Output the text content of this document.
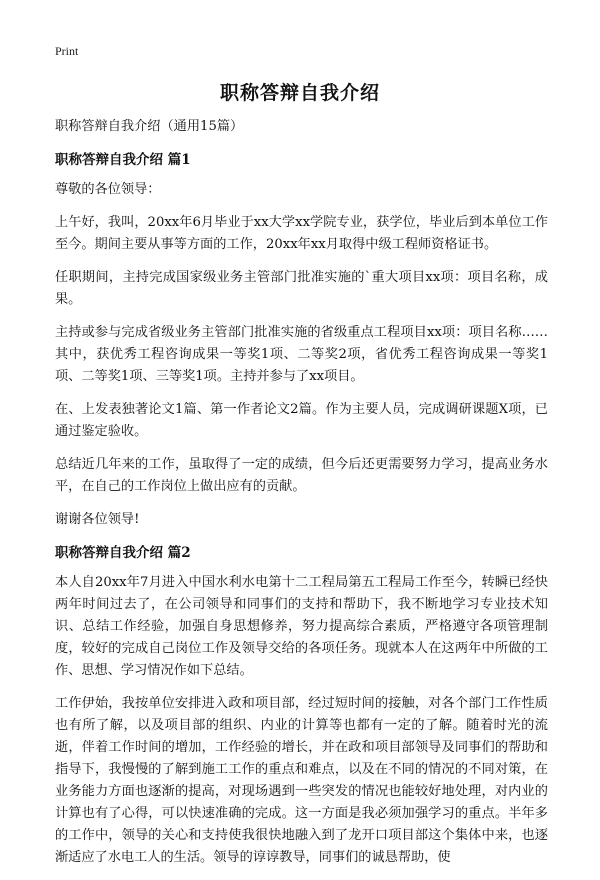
Print
职称答辩自我介绍

职称答辩自我介绍（通用15篇）

职称答辩自我介绍 篇1

尊敬的各位领导：

上午好，我叫，20xx年6月毕业于xx大学xx学院专业，获学位，毕业后到本单位工作至今。期间主要从事等方面的工作，20xx年xx月取得中级工程师资格证书。

任职期间，主持完成国家级业务主管部门批准实施的`重大项目xx项：项目名称，成果。

主持或参与完成省级业务主管部门批准实施的省级重点工程项目xx项：项目名称……其中，获优秀工程咨询成果一等奖1项、二等奖2项，省优秀工程咨询成果一等奖1项、二等奖1项、三等奖1项。主持并参与了xx项目。

在、上发表独著论文1篇、第一作者论文2篇。作为主要人员，完成调研课题X项，已通过鉴定验收。

总结近几年来的工作，虽取得了一定的成绩，但今后还更需要努力学习，提高业务水平，在自己的工作岗位上做出应有的贡献。

谢谢各位领导!

职称答辩自我介绍 篇2

本人自20xx年7月进入中国水利水电第十二工程局第五工程局工作至今，转瞬已经快两年时间过去了，在公司领导和同事们的支持和帮助下，我不断地学习专业技术知识、总结工作经验，加强自身思想修养，努力提高综合素质，严格遵守各项管理制度，较好的完成自己岗位工作及领导交给的各项任务。现就本人在这两年中所做的工作、思想、学习情况作如下总结。

工作伊始，我按单位安排进入政和项目部，经过短时间的接触，对各个部门工作性质也有所了解，以及项目部的组织、内业的计算等也都有一定的了解。随着时光的流逝，伴着工作时间的增加，工作经验的增长，并在政和项目部领导及同事们的帮助和指导下，我慢慢的了解到施工工作的重点和难点，以及在不同的情况的不同对策，在业务能力方面也逐渐的提高，对现场遇到一些突发的情况也能较好地处理，对内业的计算也有了心得，可以快速准确的完成。这一方面是我必须加强学习的重点。半年多的工作中，领导的关心和支持使我很快地融入到了龙开口项目部这个集体中来，也逐渐适应了水电工人的生活。领导的谆谆教导，同事们的诚恳帮助，使
